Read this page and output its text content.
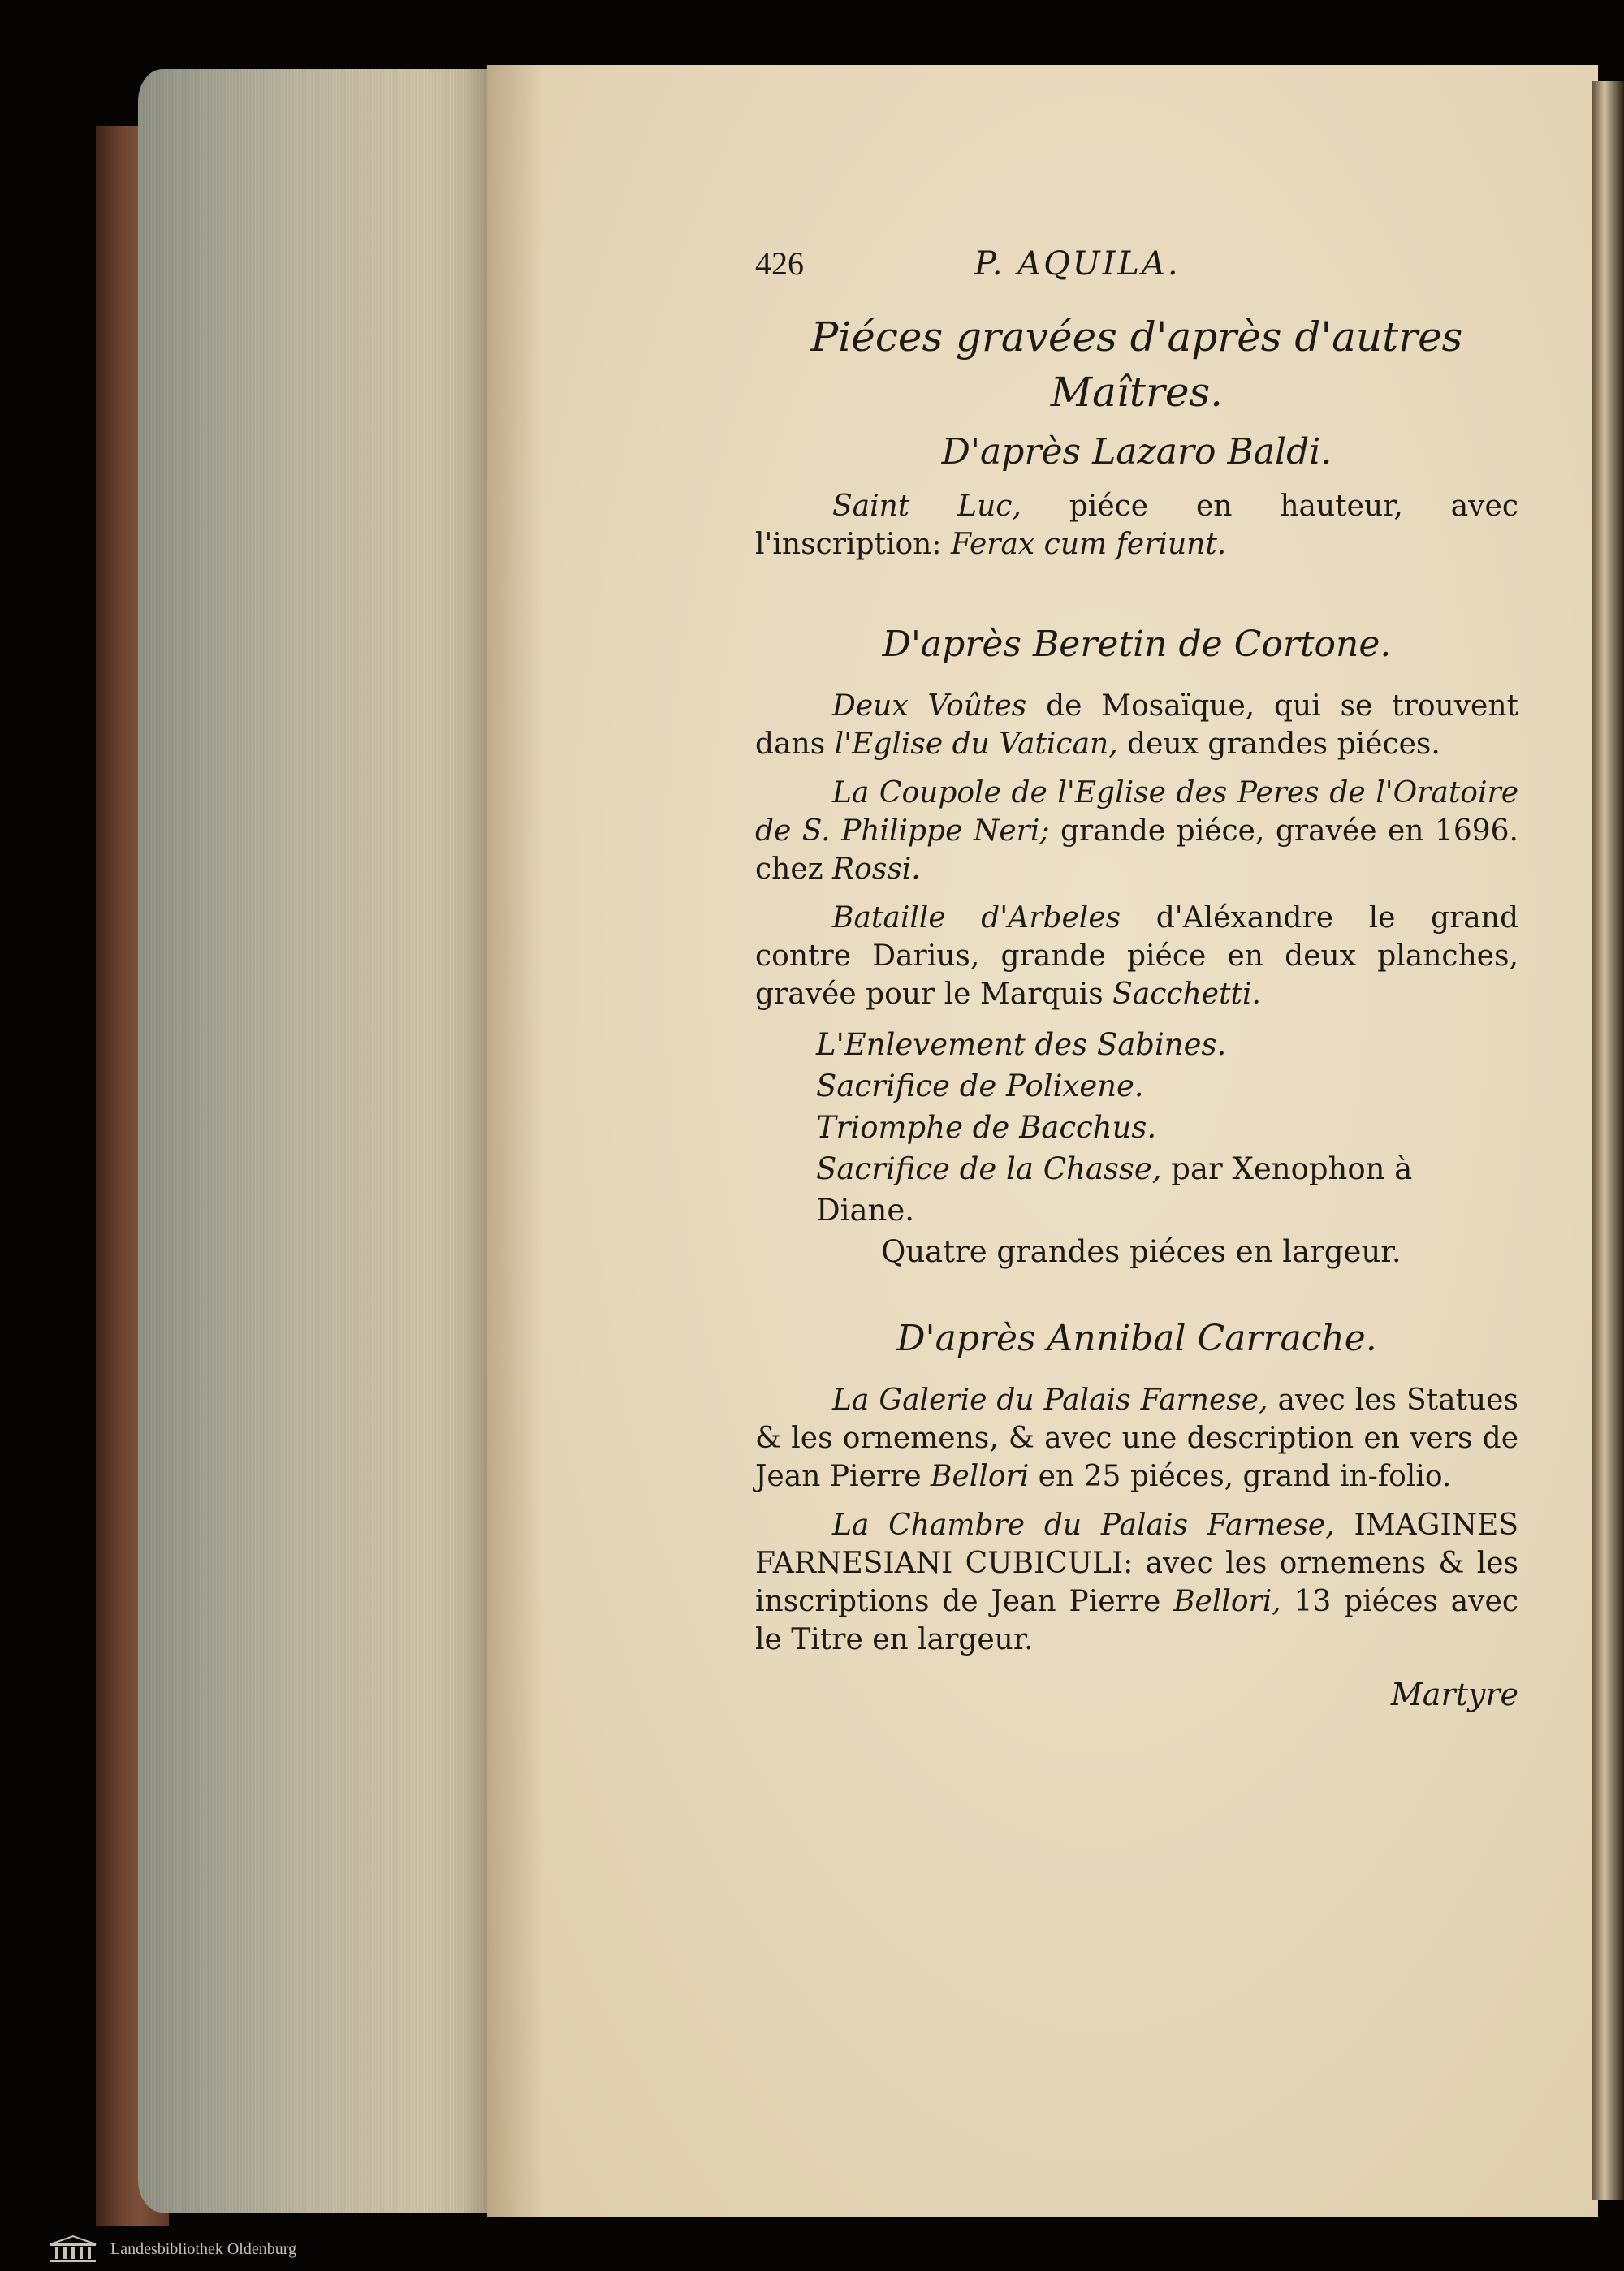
426	P. AQUILA.
Piéces gravées d'après d'autres
Maîtres.

D'après Lazaro Baldi.

Saint Luc, piéce en hauteur, avec l'inscription: Ferax cum feriunt.

D'après Beretin de Cortone.

Deux Voûtes de Mosaïque, qui se trouvent dans l'Eglise du Vatican, deux grandes piéces.

La Coupole de l'Eglise des Peres de l'Oratoire de S. Philippe Neri; grande piéce, gravée en 1696. chez Rossi.

Bataille d'Arbeles d'Aléxandre le grand contre Darius, grande piéce en deux planches, gravée pour le Marquis Sacchetti.

L'Enlevement des Sabines.

Sacrifice de Polixene.

Triomphe de Bacchus.

Sacrifice de la Chasse, par Xenophon à Diane.

Quatre grandes piéces en largeur.

D'après Annibal Carrache.

La Galerie du Palais Farnese, avec les Statues & les ornemens, & avec une description en vers de Jean Pierre Bellori en 25 piéces, grand in-folio.

La Chambre du Palais Farnese, IMAGINES FARNESIANI CUBICULI: avec les ornemens & les inscriptions de Jean Pierre Bellori, 13 piéces avec le Titre en largeur.

Martyre
Landesbibliothek Oldenburg
